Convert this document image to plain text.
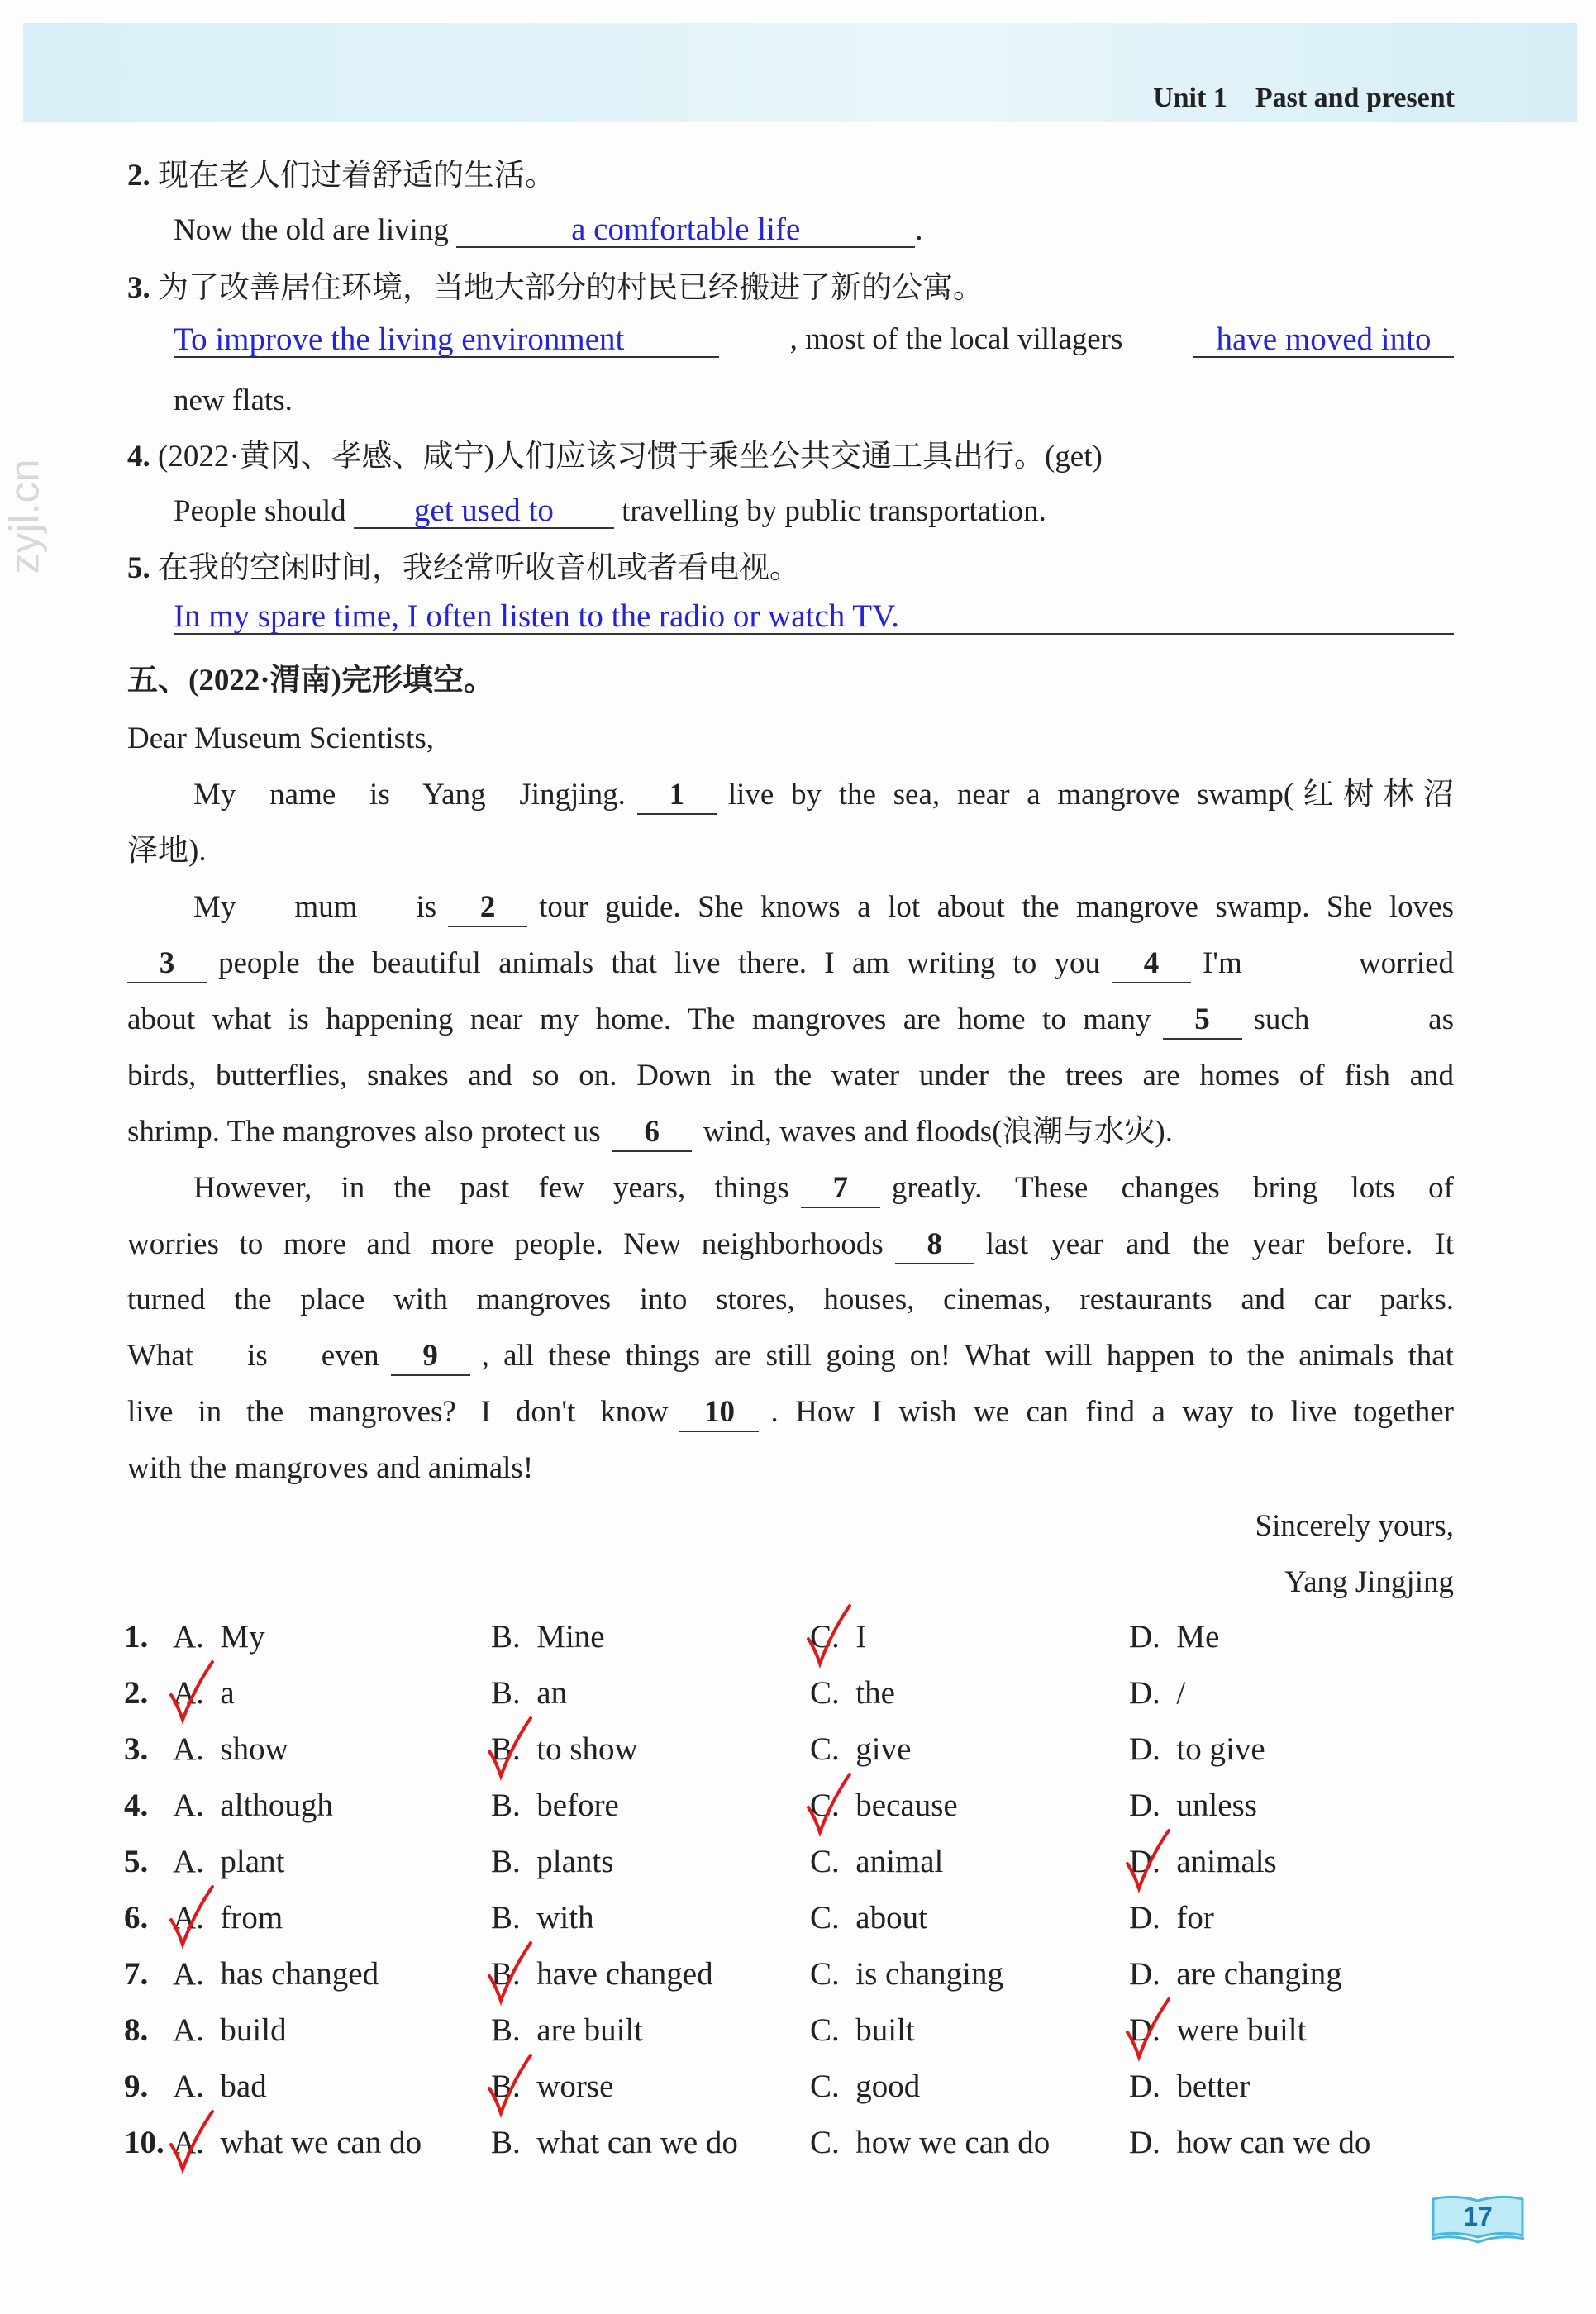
Unit 1　Past and present
zyjl.cn
2. 现在老人们过着舒适的生活。
Now the old are living	a comfortable life	.
3. 为了改善居住环境，当地大部分的村民已经搬进了新的公寓。
To improve the living environment	, most of the local villagers	have moved into
new flats.
4. (2022·黄冈、孝感、咸宁)人们应该习惯于乘坐公共交通工具出行。(get)
People should get used to travelling by public transportation.
5. 在我的空闲时间，我经常听收音机或者看电视。
In my spare time, I often listen to the radio or watch TV.
五、(2022·渭南)完形填空。
Dear Museum Scientists,
My name is Yang Jingjing.	1	live by the sea, near a mangrove swamp(红树林沼
泽地).
My mum is	2	tour guide. She knows a lot about the mangrove swamp. She loves
3	people the beautiful animals that live there. I am writing to you	4	I'm worried
about what is happening near my home. The mangroves are home to many	5	such as
birds, butterflies, snakes and so on. Down in the water under the trees are homes of fish and
shrimp. The mangroves also protect us 6 wind, waves and floods(浪潮与水灾).
However, in the past few years, things	7	greatly. These changes bring lots of
worries to more and more people. New neighborhoods	8	last year and the year before. It
turned the place with mangroves into stores, houses, cinemas, restaurants and car parks.
What is even	9	, all these things are still going on! What will happen to the animals that
live in the mangroves? I don't know	10	. How I wish we can find a way to live together
with the mangroves and animals!
Sincerely yours,
Yang Jingjing
1. A. My	B. Mine	C. I	D. Me
2. A. a	B. an	C. the	D. /
3. A. show	B. to show	C. give	D. to give
4. A. although	B. before	C. because	D. unless
5. A. plant	B. plants	C. animal	D. animals
6. A. from	B. with	C. about	D. for
7. A. has changed	B. have changed	C. is changing	D. are changing
8. A. build	B. are built	C. built	D. were built
9. A. bad	B. worse	C. good	D. better
10. A. what we can do B. what can we do C. how we can do D. how can we do
17
